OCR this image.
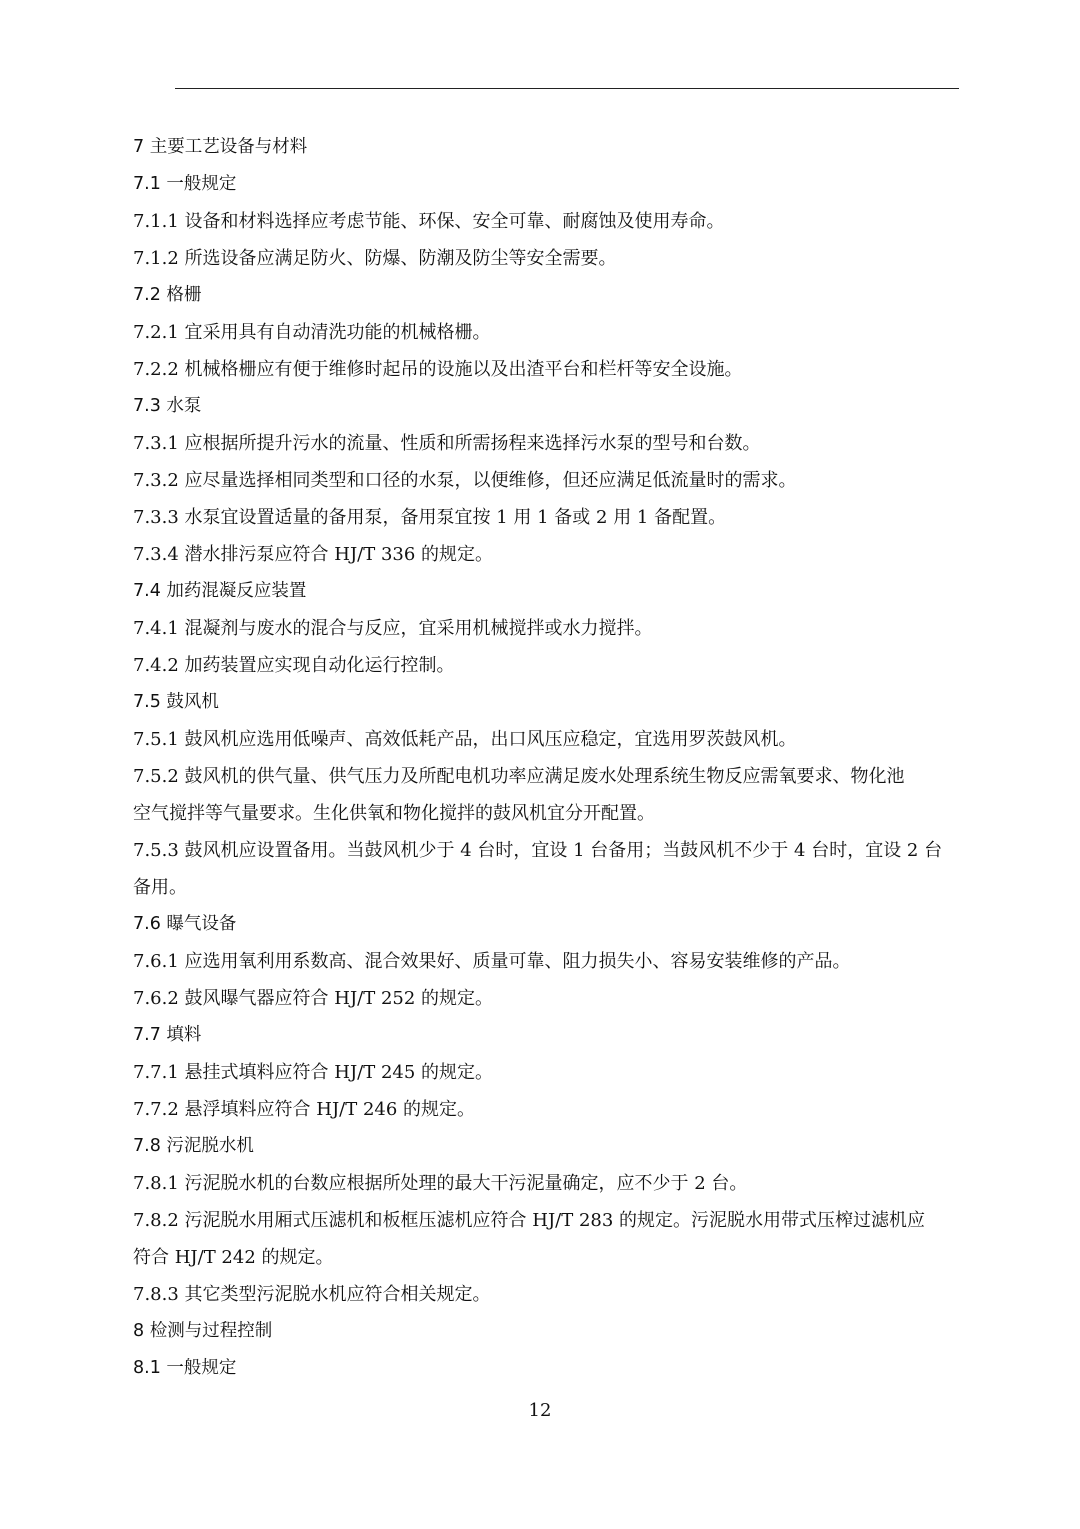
7 主要工艺设备与材料
7.1 一般规定
7.1.1 设备和材料选择应考虑节能、环保、安全可靠、耐腐蚀及使用寿命。
7.1.2 所选设备应满足防火、防爆、防潮及防尘等安全需要。
7.2 格栅
7.2.1 宜采用具有自动清洗功能的机械格栅。
7.2.2 机械格栅应有便于维修时起吊的设施以及出渣平台和栏杆等安全设施。
7.3 水泵
7.3.1 应根据所提升污水的流量、性质和所需扬程来选择污水泵的型号和台数。
7.3.2 应尽量选择相同类型和口径的水泵，以便维修，但还应满足低流量时的需求。
7.3.3 水泵宜设置适量的备用泵，备用泵宜按 1 用 1 备或 2 用 1 备配置。
7.3.4 潜水排污泵应符合 HJ/T 336 的规定。
7.4 加药混凝反应装置
7.4.1 混凝剂与废水的混合与反应，宜采用机械搅拌或水力搅拌。
7.4.2 加药装置应实现自动化运行控制。
7.5 鼓风机
7.5.1 鼓风机应选用低噪声、高效低耗产品，出口风压应稳定，宜选用罗茨鼓风机。
7.5.2 鼓风机的供气量、供气压力及所配电机功率应满足废水处理系统生物反应需氧要求、物化池
空气搅拌等气量要求。生化供氧和物化搅拌的鼓风机宜分开配置。
7.5.3 鼓风机应设置备用。当鼓风机少于 4 台时，宜设 1 台备用；当鼓风机不少于 4 台时，宜设 2 台
备用。
7.6 曝气设备
7.6.1 应选用氧利用系数高、混合效果好、质量可靠、阻力损失小、容易安装维修的产品。
7.6.2 鼓风曝气器应符合 HJ/T 252 的规定。
7.7 填料
7.7.1 悬挂式填料应符合 HJ/T 245 的规定。
7.7.2 悬浮填料应符合 HJ/T 246 的规定。
7.8 污泥脱水机
7.8.1 污泥脱水机的台数应根据所处理的最大干污泥量确定，应不少于 2 台。
7.8.2 污泥脱水用厢式压滤机和板框压滤机应符合 HJ/T 283 的规定。污泥脱水用带式压榨过滤机应
符合 HJ/T 242 的规定。
7.8.3 其它类型污泥脱水机应符合相关规定。
8 检测与过程控制
8.1 一般规定
12
